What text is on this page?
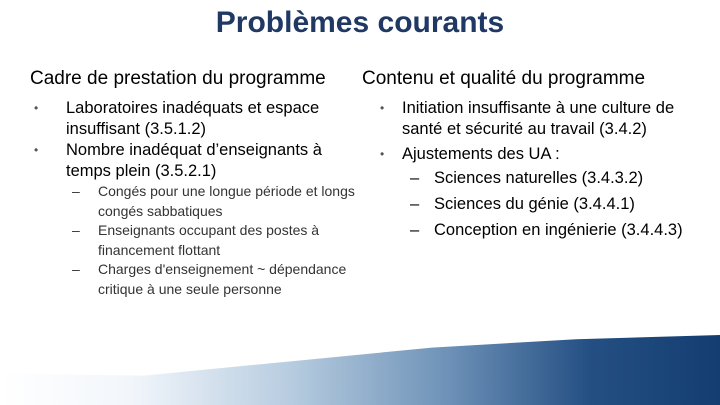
Problèmes courants
Cadre de prestation du programme
• Laboratoires inadéquats et espace insuffisant (3.5.1.2)
• Nombre inadéquat d’enseignants à temps plein (3.5.2.1)
– Congés pour une longue période et longs congés sabbatiques
– Enseignants occupant des postes à financement flottant
– Charges d'enseignement ~ dépendance critique à une seule personne
Contenu et qualité du programme
• Initiation insuffisante à une culture de santé et sécurité au travail (3.4.2)
• Ajustements des UA :
– Sciences naturelles (3.4.3.2)
– Sciences du génie (3.4.4.1)
– Conception en ingénierie (3.4.4.3)
